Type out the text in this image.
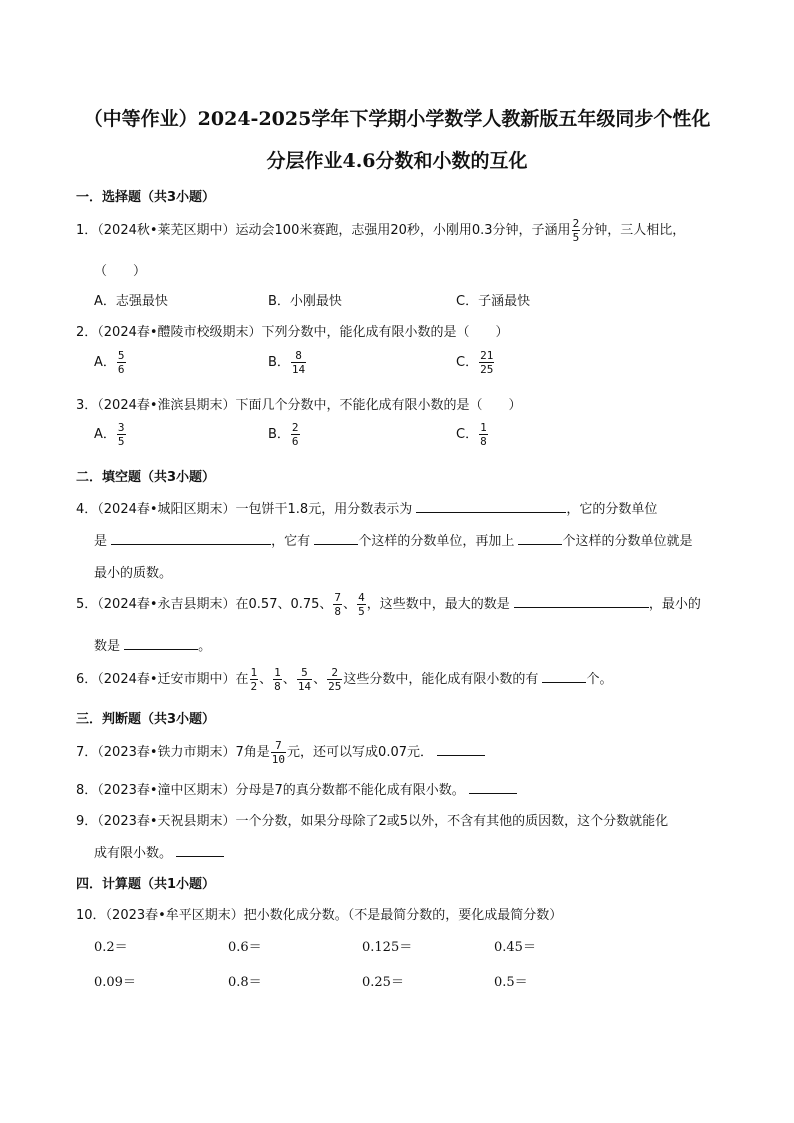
（中等作业）2024-2025学年下学期小学数学人教新版五年级同步个性化
分层作业4.6分数和小数的互化
一．选择题（共3小题）
1．（2024秋•莱芜区期中）运动会100米赛跑，志强用20秒，小刚用0.3分钟，子涵用 $\frac{2}{5}$ 分钟，三人相比，
（　　）
A．志强最快	B．小刚最快	C．子涵最快
2．（2024春•醴陵市校级期末）下列分数中，能化成有限小数的是（　　）
A． $\frac{5}{6}$	B． $\frac{8}{14}$	C． $\frac{21}{25}$
3．（2024春•淮滨县期末）下面几个分数中，不能化成有限小数的是（　　）
A． $\frac{3}{5}$	B． $\frac{2}{6}$	C． $\frac{1}{8}$
二．填空题（共3小题）
4．（2024春•城阳区期末）一包饼干1.8元，用分数表示为	，它的分数单位
是	，它有	个这样的分数单位，再加上	个这样的分数单位就是
最小的质数。
5．（2024春•永吉县期末）在0.57、0.75、 $\frac{7}{8}$ 、 $\frac{4}{5}$ ，这些数中，最大的数是	，最小的
数是	。
6．（2024春•迁安市期中）在 $\frac{1}{2}$ 、 $\frac{1}{8}$ 、 $\frac{5}{14}$ 、 $\frac{2}{25}$ 这些分数中，能化成有限小数的有	个。
三．判断题（共3小题）
7．（2023春•铁力市期末）7角是 $\frac{7}{10}$ 元，还可以写成0.07元．
8．（2023春•潼中区期末）分母是7的真分数都不能化成有限小数。
9．（2023春•天祝县期末）一个分数，如果分母除了2或5以外，不含有其他的质因数，这个分数就能化
成有限小数。
四．计算题（共1小题）
10．（2023春•牟平区期末）把小数化成分数。（不是最简分数的，要化成最简分数）
0.2＝	0.6＝	0.125＝	0.45＝
0.09＝	0.8＝	0.25＝	0.5＝
